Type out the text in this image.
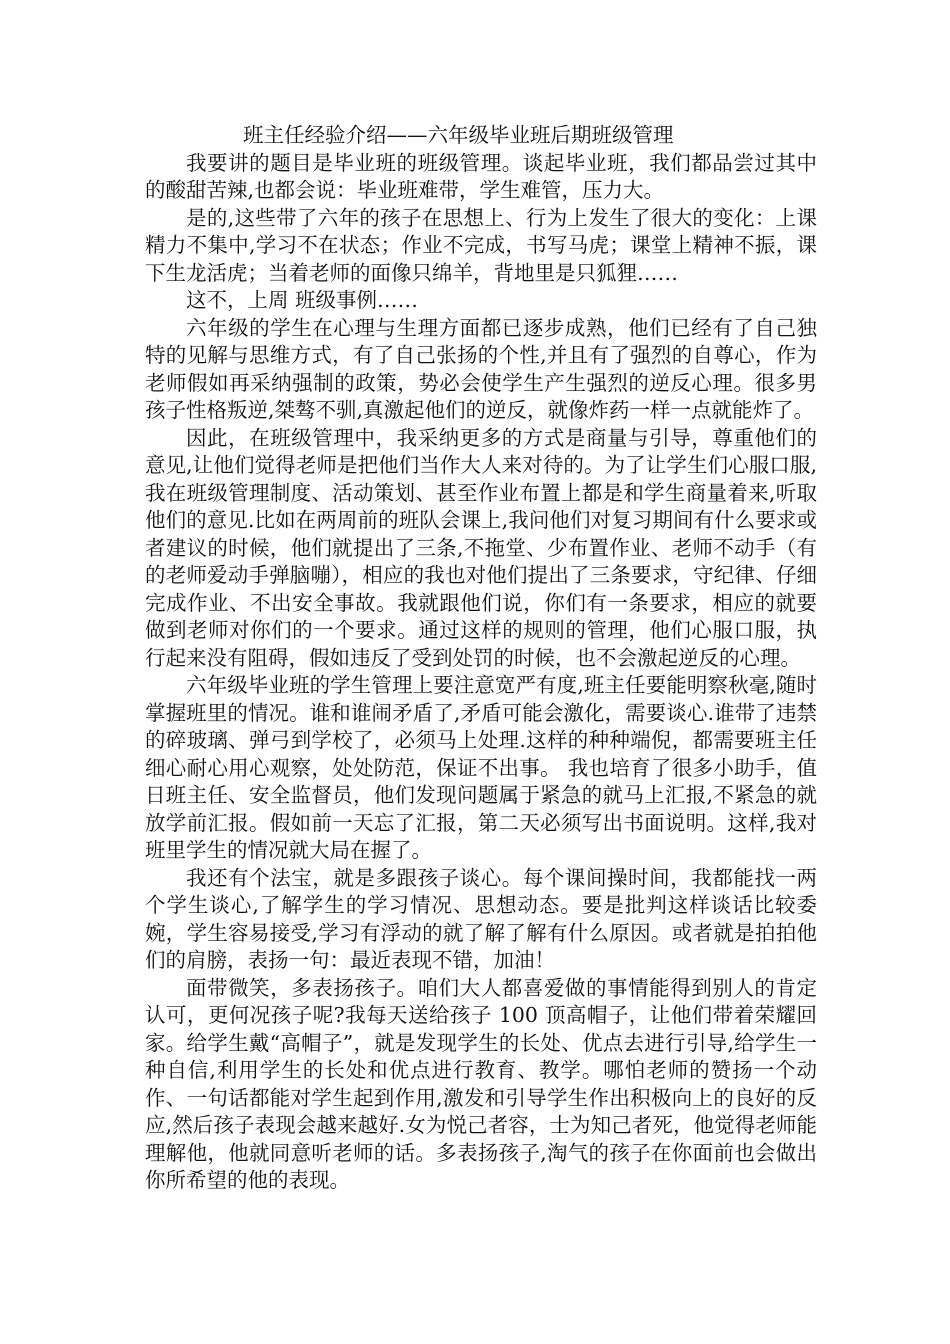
班主任经验介绍——六年级毕业班后期班级管理

我要讲的题目是毕业班的班级管理。谈起毕业班，我们都品尝过其中的酸甜苦辣,也都会说：毕业班难带，学生难管，压力大。

是的,这些带了六年的孩子在思想上、行为上发生了很大的变化：上课精力不集中,学习不在状态；作业不完成，书写马虎；课堂上精神不振，课下生龙活虎；当着老师的面像只绵羊，背地里是只狐狸……

这不，上周 班级事例……

六年级的学生在心理与生理方面都已逐步成熟，他们已经有了自己独特的见解与思维方式，有了自己张扬的个性,并且有了强烈的自尊心，作为老师假如再采纳强制的政策，势必会使学生产生强烈的逆反心理。很多男孩子性格叛逆,桀骜不驯,真激起他们的逆反，就像炸药一样一点就能炸了。

因此，在班级管理中，我采纳更多的方式是商量与引导，尊重他们的意见,让他们觉得老师是把他们当作大人来对待的。为了让学生们心服口服,我在班级管理制度、活动策划、甚至作业布置上都是和学生商量着来,听取他们的意见.比如在两周前的班队会课上,我问他们对复习期间有什么要求或者建议的时候，他们就提出了三条,不拖堂、少布置作业、老师不动手（有的老师爱动手弹脑嘣），相应的我也对他们提出了三条要求，守纪律、仔细完成作业、不出安全事故。我就跟他们说，你们有一条要求，相应的就要做到老师对你们的一个要求。通过这样的规则的管理，他们心服口服，执行起来没有阻碍，假如违反了受到处罚的时候，也不会激起逆反的心理。

六年级毕业班的学生管理上要注意宽严有度,班主任要能明察秋毫,随时掌握班里的情况。谁和谁闹矛盾了,矛盾可能会激化，需要谈心.谁带了违禁的碎玻璃、弹弓到学校了，必须马上处理.这样的种种端倪，都需要班主任细心耐心用心观察，处处防范，保证不出事。 我也培育了很多小助手，值日班主任、安全监督员，他们发现问题属于紧急的就马上汇报,不紧急的就放学前汇报。假如前一天忘了汇报，第二天必须写出书面说明。这样,我对班里学生的情况就大局在握了。

我还有个法宝，就是多跟孩子谈心。每个课间操时间，我都能找一两个学生谈心,了解学生的学习情况、思想动态。要是批判这样谈话比较委婉，学生容易接受,学习有浮动的就了解了解有什么原因。或者就是拍拍他们的肩膀，表扬一句：最近表现不错，加油！

面带微笑，多表扬孩子。咱们大人都喜爱做的事情能得到别人的肯定认可，更何况孩子呢?我每天送给孩子 100 顶高帽子，让他们带着荣耀回家。给学生戴“高帽子”，就是发现学生的长处、优点去进行引导,给学生一种自信,利用学生的长处和优点进行教育、教学。哪怕老师的赞扬一个动作、一句话都能对学生起到作用,激发和引导学生作出积极向上的良好的反应,然后孩子表现会越来越好.女为悦己者容，士为知己者死，他觉得老师能理解他，他就同意听老师的话。多表扬孩子,淘气的孩子在你面前也会做出你所希望的他的表现。
